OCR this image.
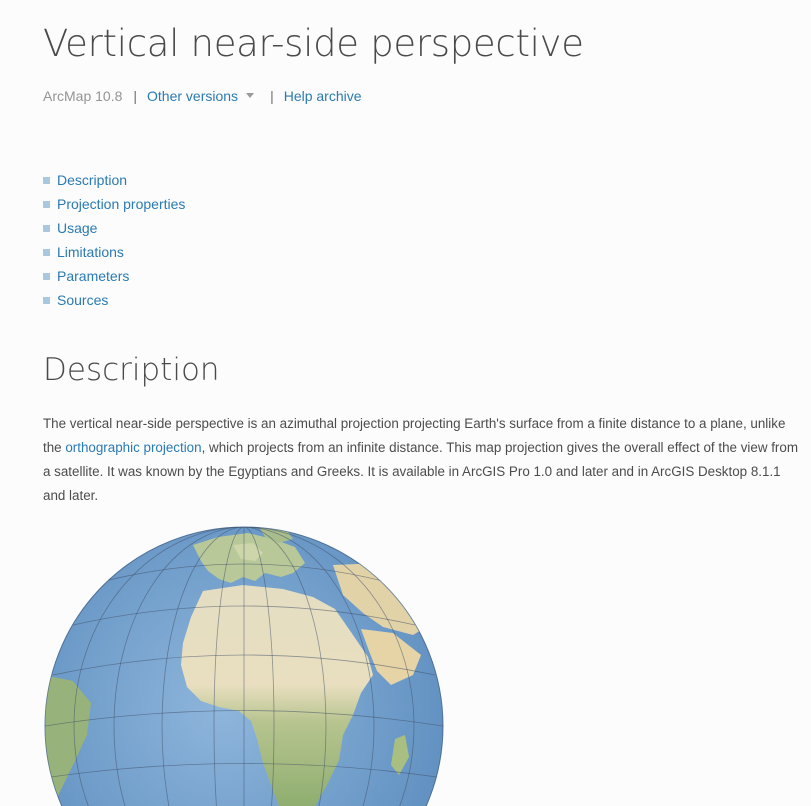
Vertical near-side perspective
ArcMap 10.8 | Other versions	| Help archive
Description
Projection properties
Usage
Limitations
Parameters
Sources
Description

The vertical near-side perspective is an azimuthal projection projecting Earth's surface from a finite distance to a plane, unlike the orthographic projection, which projects from an infinite distance. This map projection gives the overall effect of the view from a satellite. It was known by the Egyptians and Greeks. It is available in ArcGIS Pro 1.0 and later and in ArcGIS Desktop 8.1.1 and later.
